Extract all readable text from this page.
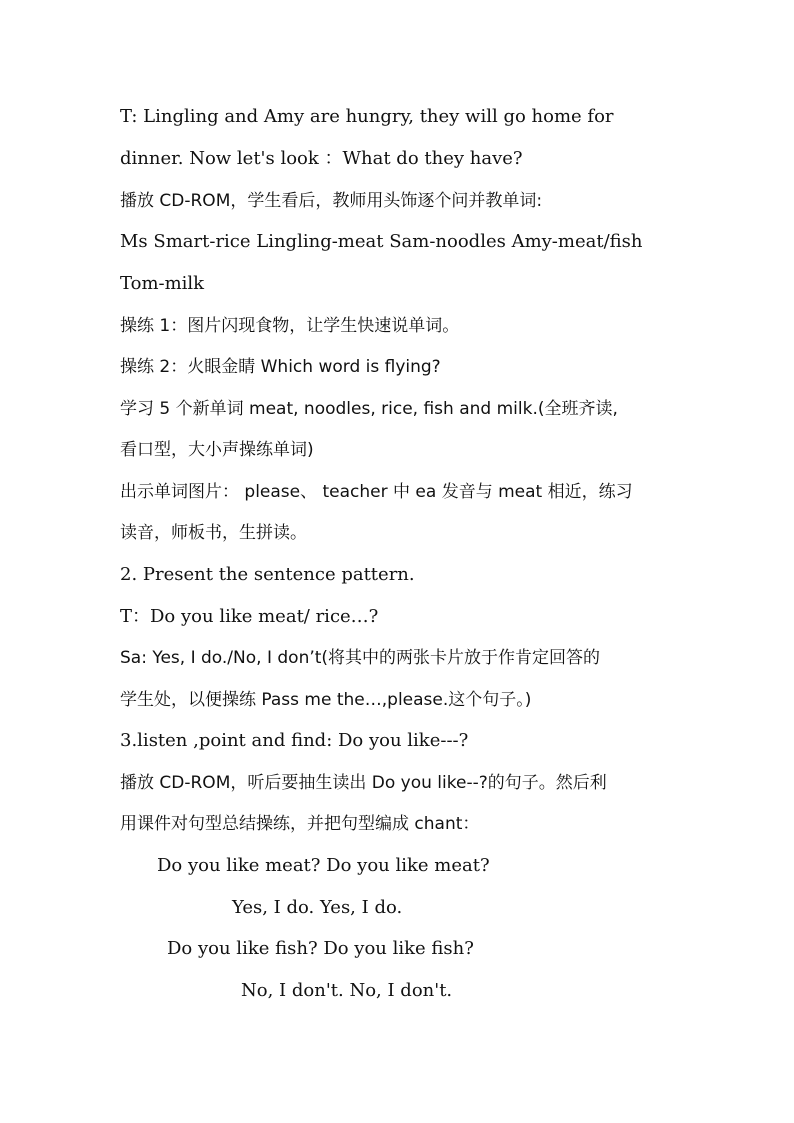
T: Lingling and Amy are hungry, they will go home for
dinner. Now let's look ：What do they have?
播放 CD-ROM，学生看后，教师用头饰逐个问并教单词:
Ms Smart-rice Lingling-meat Sam-noodles Amy-meat/fish
Tom-milk
操练 1：图片闪现食物，让学生快速说单词。
操练 2：火眼金睛 Which word is flying?
学习 5 个新单词 meat, noodles, rice, fish and milk.(全班齐读,
看口型，大小声操练单词)
出示单词图片： please、 teacher 中 ea 发音与 meat 相近，练习
读音，师板书，生拼读。
2. Present the sentence pattern.
T：Do you like meat/ rice…?
Sa: Yes, I do./No, I don’t(将其中的两张卡片放于作肯定回答的
学生处，以便操练 Pass me the…,please.这个句子。)
3.listen ,point and find: Do you like---?
播放 CD-ROM，听后要抽生读出 Do you like--?的句子。然后利
用课件对句型总结操练，并把句型编成 chant：
Do you like meat? Do you like meat?
Yes, I do. Yes, I do.
Do you like fish? Do you like fish?
No, I don't. No, I don't.
